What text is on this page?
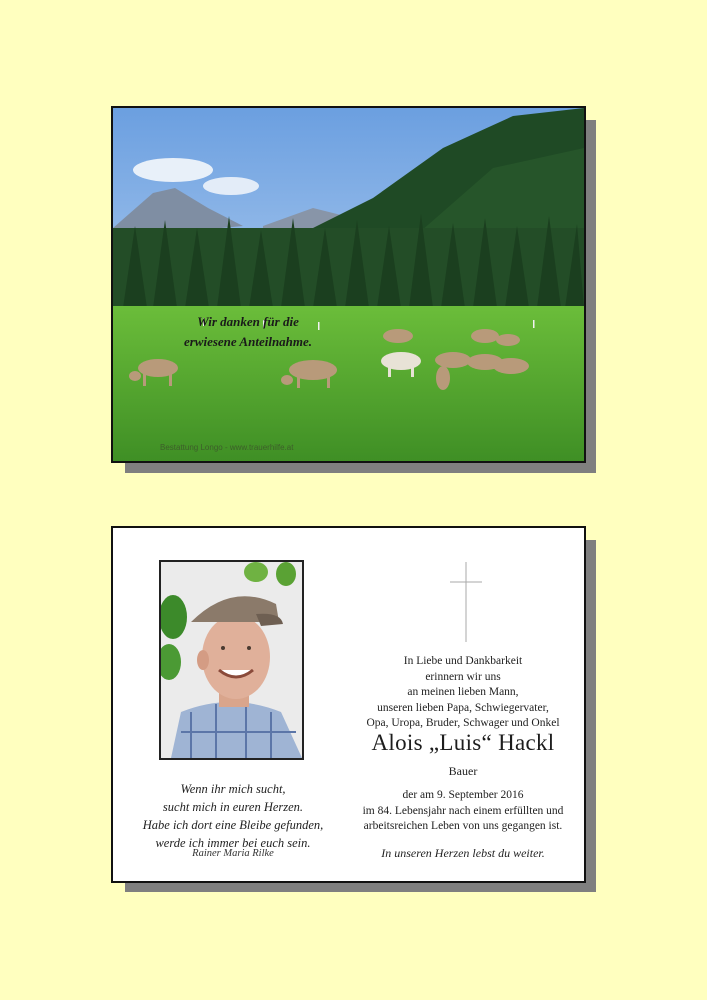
Wir danken für die
erwiesene Anteilnahme.
Bestattung Longo - www.trauerhilfe.at
Wenn ihr mich sucht,
sucht mich in euren Herzen.
Habe ich dort eine Bleibe gefunden,
werde ich immer bei euch sein.
Rainer Maria Rilke
In Liebe und Dankbarkeit
erinnern wir uns
an meinen lieben Mann,
unseren lieben Papa, Schwiegervater,
Opa, Uropa, Bruder, Schwager und Onkel
Alois „Luis“ Hackl
Bauer
der am 9. September 2016
im 84. Lebensjahr nach einem erfüllten und
arbeitsreichen Leben von uns gegangen ist.
In unseren Herzen lebst du weiter.
